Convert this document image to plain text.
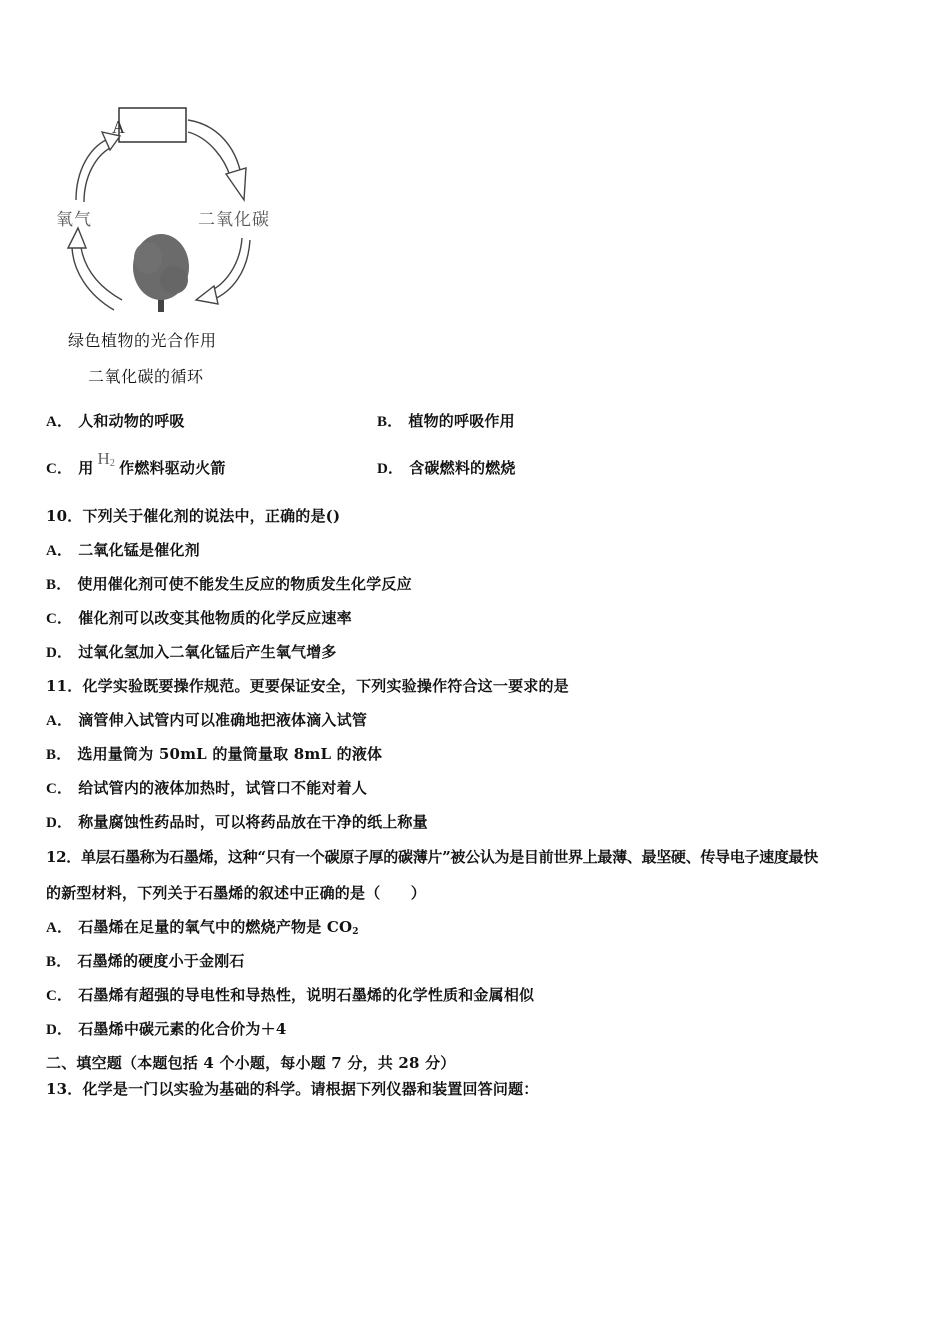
A
氧气	二氧化碳
绿色植物的光合作用
二氧化碳的循环
A． 人和动物的呼吸	B． 植物的呼吸作用
C． 用 $H_2$ 作燃料驱动火箭	D． 含碳燃料的燃烧
10．下列关于催化剂的说法中，正确的是()
A． 二氧化锰是催化剂
B． 使用催化剂可使不能发生反应的物质发生化学反应
C． 催化剂可以改变其他物质的化学反应速率
D． 过氧化氢加入二氧化锰后产生氧气增多
11．化学实验既要操作规范。更要保证安全，下列实验操作符合这一要求的是
A． 滴管伸入试管内可以准确地把液体滴入试管
B． 选用量筒为 50mL 的量筒量取 8mL 的液体
C． 给试管内的液体加热时，试管口不能对着人
D． 称量腐蚀性药品时，可以将药品放在干净的纸上称量
12．单层石墨称为石墨烯，这种“只有一个碳原子厚的碳薄片”被公认为是目前世界上最薄、最坚硬、传导电子速度最快
的新型材料，下列关于石墨烯的叙述中正确的是（　　）
A． 石墨烯在足量的氧气中的燃烧产物是 $CO_2$
B． 石墨烯的硬度小于金刚石
C． 石墨烯有超强的导电性和导热性，说明石墨烯的化学性质和金属相似
D． 石墨烯中碳元素的化合价为＋4
二、填空题（本题包括 4 个小题，每小题 7 分，共 28 分）
13．化学是一门以实验为基础的科学。请根据下列仪器和装置回答问题：
